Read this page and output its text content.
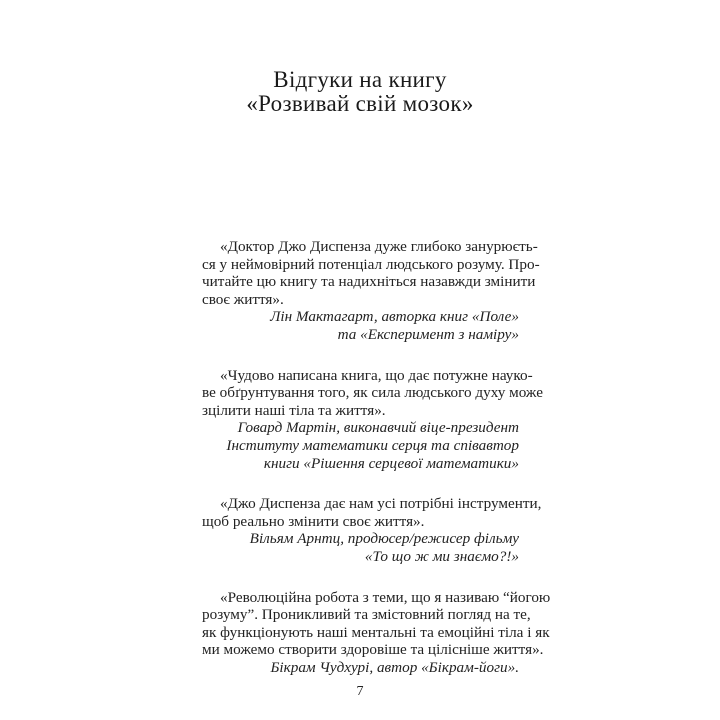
Відгуки на книгу
«Розвивай свій мозок»
«Доктор Джо Диспенза дуже глибоко занурюєть-
ся у неймовірний потенціал людського розуму. Про-
читайте цю книгу та надихніться назавжди змінити
своє життя».
Лін Мактагарт, авторка книг «Поле»
та «Експеримент з наміру»
«Чудово написана книга, що дає потужне науко-
ве обґрунтування того, як сила людського духу може
зцілити наші тіла та життя».
Говард Мартін, виконавчий віце-президент
Інституту математики серця та співавтор
книги «Рішення серцевої математики»
«Джо Диспенза дає нам усі потрібні інструменти,
щоб реально змінити своє життя».
Вільям Арнтц, продюсер/режисер фільму
«То що ж ми знаємо?!»
«Революційна робота з теми, що я називаю “йогою
розуму”. Проникливий та змістовний погляд на те,
як функціонують наші ментальні та емоційні тіла і як
ми можемо створити здоровіше та цілісніше життя».
Бікрам Чудхурі, автор «Бікрам-йоги».
7
